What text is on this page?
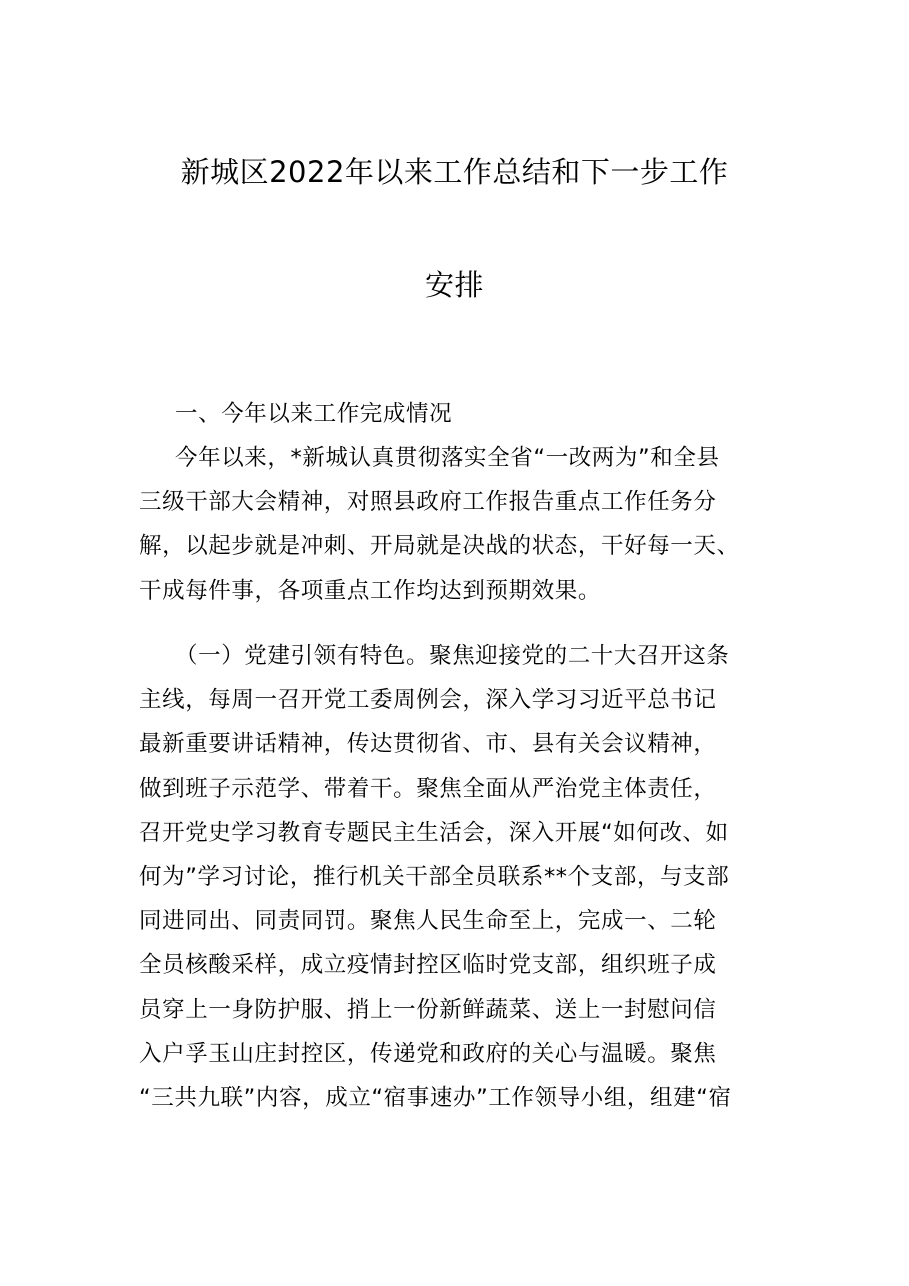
新城区2022年以来工作总结和下一步工作
安排
一、今年以来工作完成情况
今年以来，*新城认真贯彻落实全省“一改两为”和全县
三级干部大会精神，对照县政府工作报告重点工作任务分
解，以起步就是冲刺、开局就是决战的状态，干好每一天、
干成每件事，各项重点工作均达到预期效果。
（一）党建引领有特色。聚焦迎接党的二十大召开这条
主线，每周一召开党工委周例会，深入学习习近平总书记
最新重要讲话精神，传达贯彻省、市、县有关会议精神，
做到班子示范学、带着干。聚焦全面从严治党主体责任，
召开党史学习教育专题民主生活会，深入开展“如何改、如
何为”学习讨论，推行机关干部全员联系**个支部，与支部
同进同出、同责同罚。聚焦人民生命至上，完成一、二轮
全员核酸采样，成立疫情封控区临时党支部，组织班子成
员穿上一身防护服、捎上一份新鲜蔬菜、送上一封慰问信
入户孚玉山庄封控区，传递党和政府的关心与温暖。聚焦
“三共九联”内容，成立“宿事速办”工作领导小组，组建“宿
